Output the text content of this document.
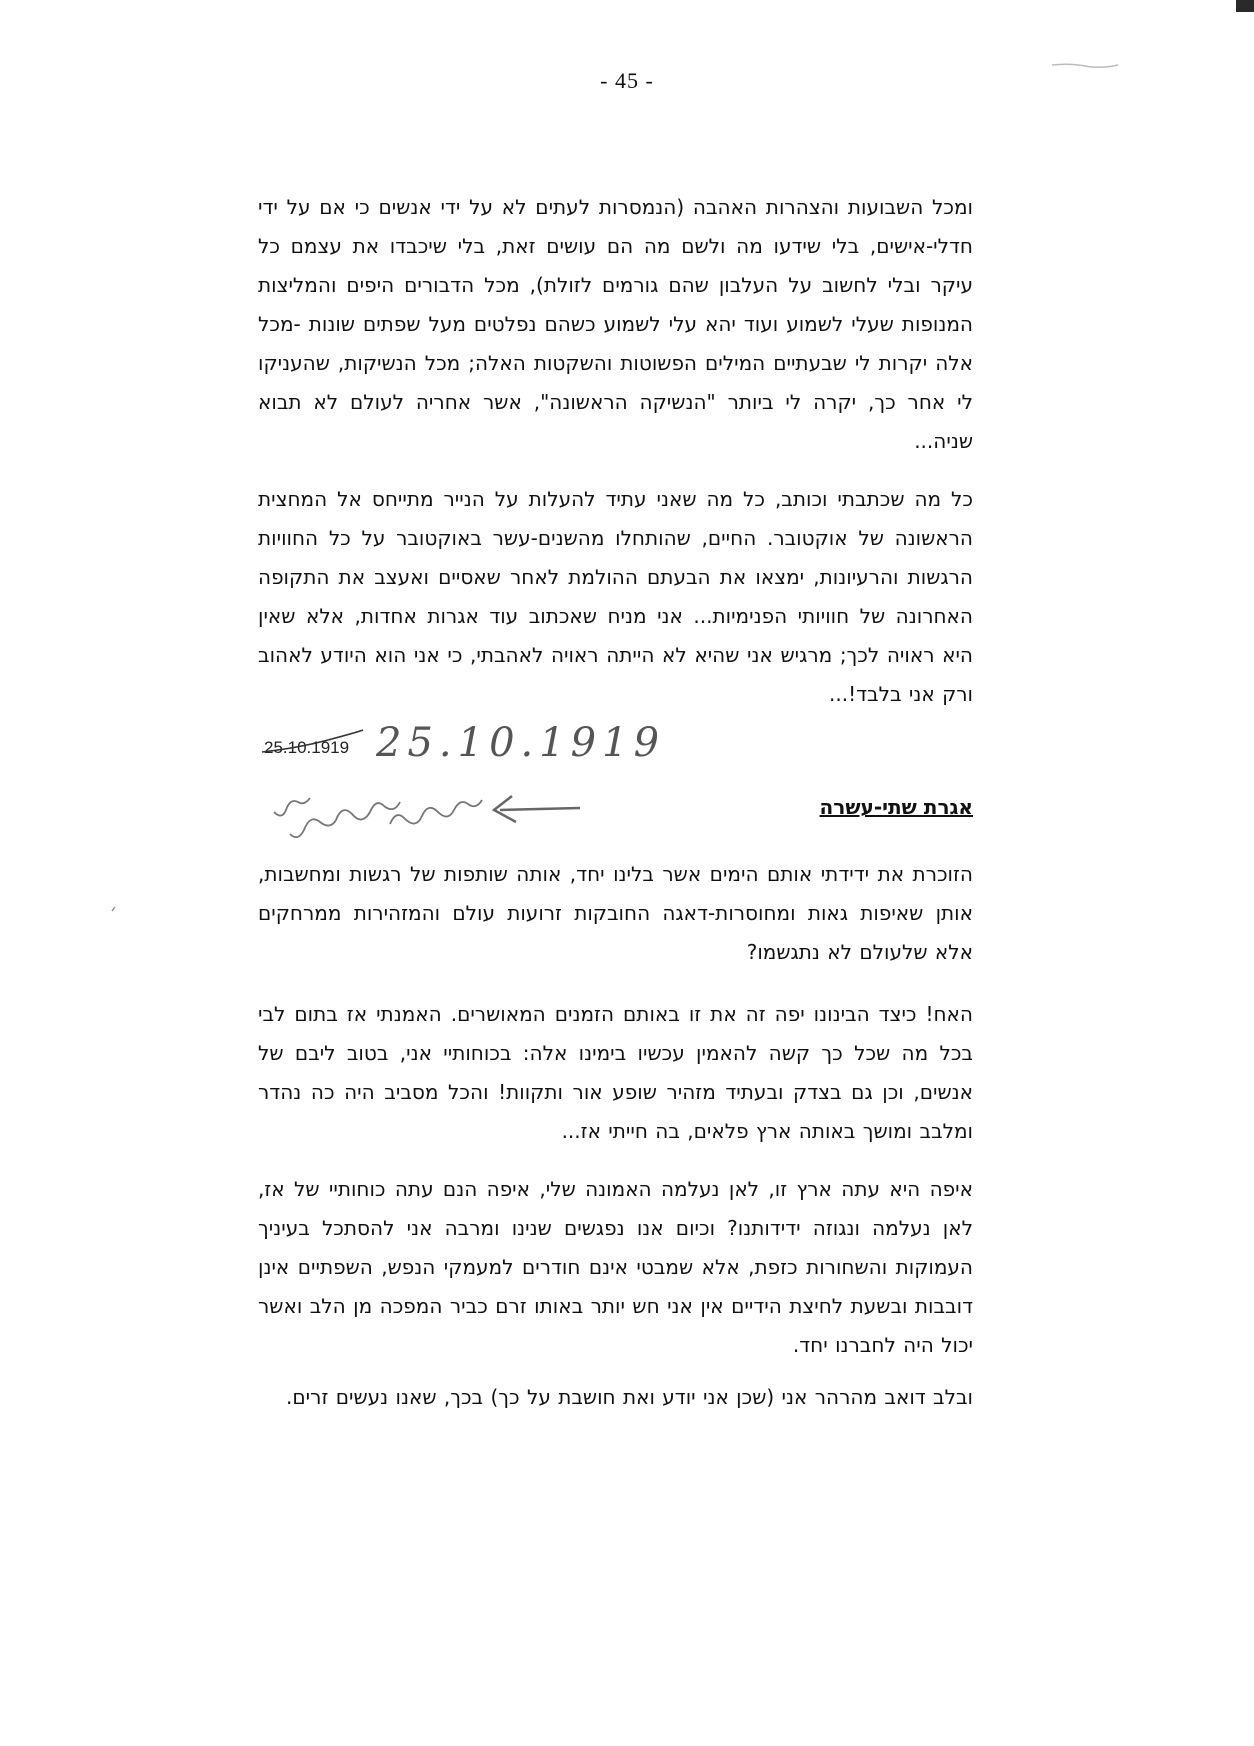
- 45 -

ומכל השבועות והצהרות האהבה (הנמסרות לעתים לא על ידי אנשים כי אם על ידי חדלי-אישים, בלי שידעו מה ולשם מה הם עושים זאת, בלי שיכבדו את עצמם כל עיקר ובלי לחשוב על העלבון שהם גורמים לזולת), מכל הדבורים היפים והמליצות המנופות שעלי לשמוע ועוד יהא עלי לשמוע כשהם נפלטים מעל שפתים שונות -מכל אלה יקרות לי שבעתיים המילים הפשוטות והשקטות האלה; מכל הנשיקות, שהעניקו לי אחר כך, יקרה לי ביותר "הנשיקה הראשונה", אשר אחריה לעולם לא תבוא שניה...

כל מה שכתבתי וכותב, כל מה שאני עתיד להעלות על הנייר מתייחס אל המחצית הראשונה של אוקטובר. החיים, שהותחלו מהשנים-עשר באוקטובר על כל החוויות הרגשות והרעיונות, ימצאו את הבעתם ההולמת לאחר שאסיים ואעצב את התקופה האחרונה של חוויותי הפנימיות... אני מניח שאכתוב עוד אגרות אחדות, אלא שאין היא ראויה לכך; מרגיש אני שהיא לא הייתה ראויה לאהבתי, כי אני הוא היודע לאהוב ורק אני בלבד!...

25.10.1919 25.10.1919
אגרת שתי-עשרה

הזוכרת את ידידתי אותם הימים אשר בלינו יחד, אותה שותפות של רגשות ומחשבות, אותן שאיפות גאות ומחוסרות-דאגה החובקות זרועות עולם והמזהירות ממרחקים אלא שלעולם לא נתגשמו?

האח! כיצד הבינונו יפה זה את זו באותם הזמנים המאושרים. האמנתי אז בתום לבי בכל מה שכל כך קשה להאמין עכשיו בימינו אלה: בכוחותיי אני, בטוב ליבם של אנשים, וכן גם בצדק ובעתיד מזהיר שופע אור ותקוות! והכל מסביב היה כה נהדר ומלבב ומושך באותה ארץ פלאים, בה חייתי אז...

איפה היא עתה ארץ זו, לאן נעלמה האמונה שלי, איפה הנם עתה כוחותיי של אז, לאן נעלמה ונגוזה ידידותנו? וכיום אנו נפגשים שנינו ומרבה אני להסתכל בעיניך העמוקות והשחורות כזפת, אלא שמבטי אינם חודרים למעמקי הנפש, השפתיים אינן דובבות ובשעת לחיצת הידיים אין אני חש יותר באותו זרם כביר המפכה מן הלב ואשר יכול היה לחברנו יחד.

ובלב דואב מהרהר אני (שכן אני יודע ואת חושבת על כך) בכך, שאנו נעשים זרים.
